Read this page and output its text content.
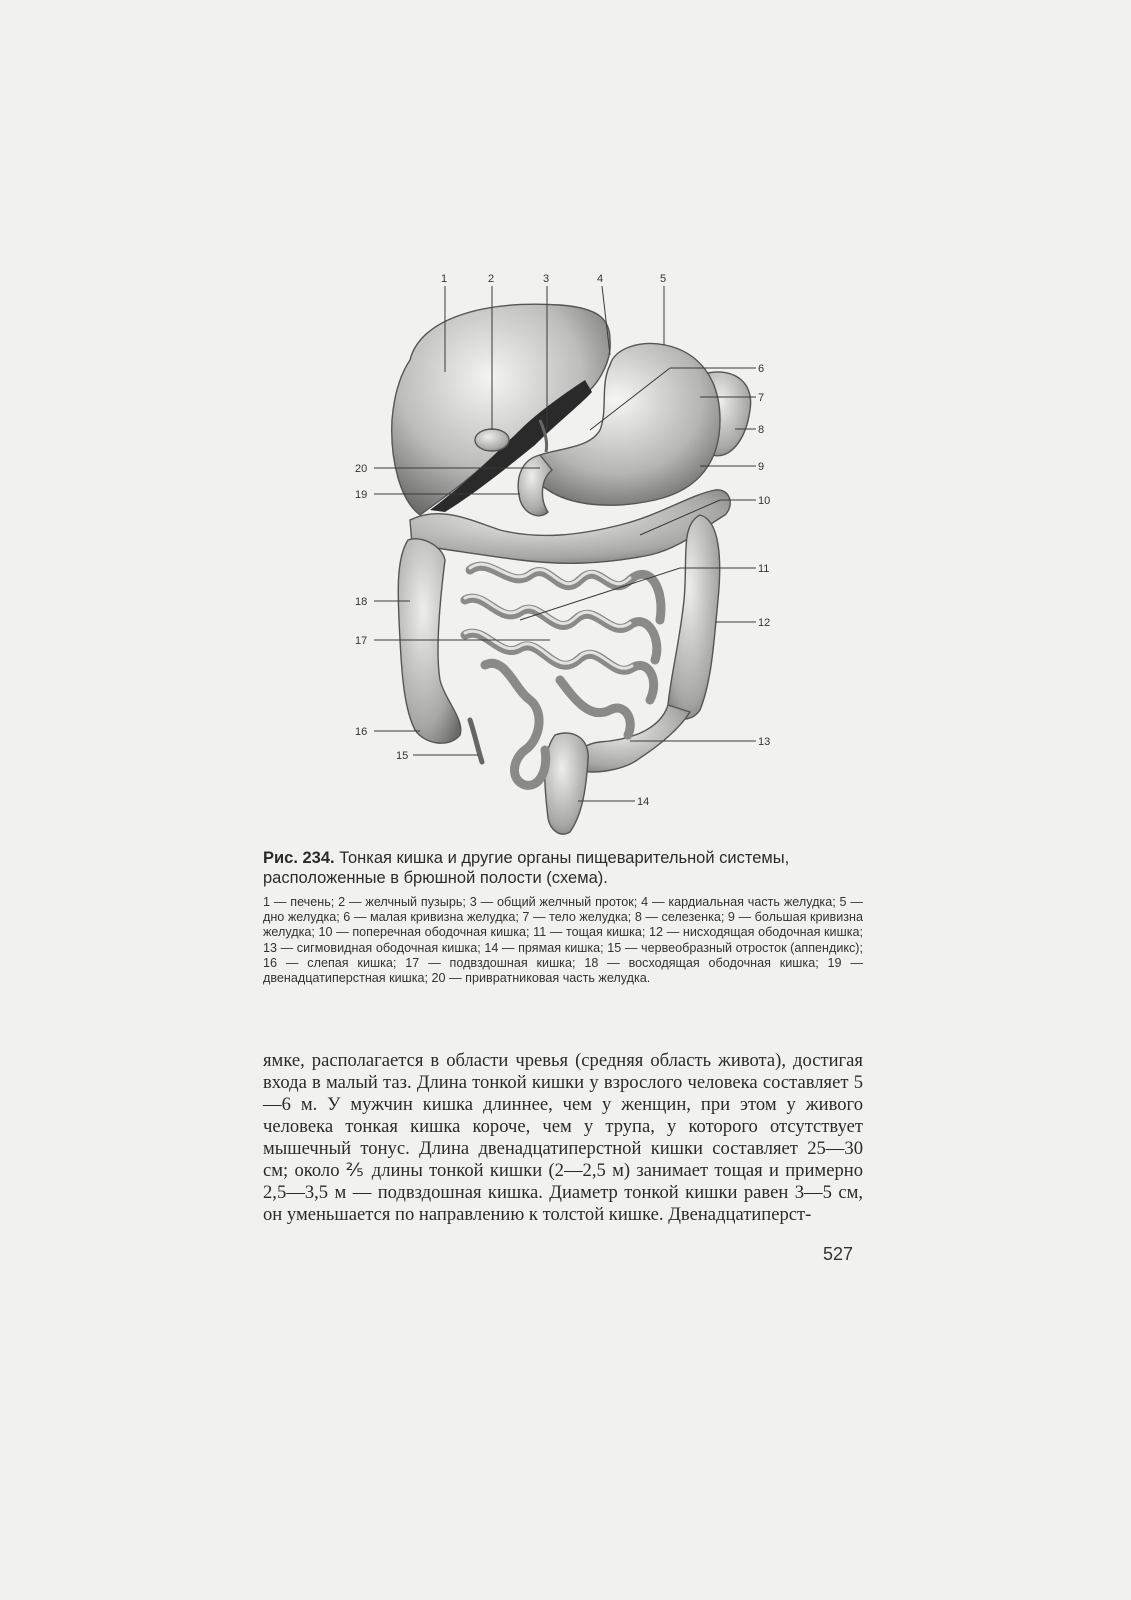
1	2	3	4	5
6
7
8
9
10
11
12
13
14
15
16
17
18
19
20
Рис. 234. Тонкая кишка и другие органы пищеварительной системы, расположенные в брюшной полости (схема).
1 — печень; 2 — желчный пузырь; 3 — общий желчный проток; 4 — кардиальная часть желудка; 5 — дно желудка; 6 — малая кривизна желудка; 7 — тело желудка; 8 — селезенка; 9 — большая кривизна желудка; 10 — поперечная ободочная кишка; 11 — тощая кишка; 12 — нисходящая ободочная кишка; 13 — сигмовидная ободочная кишка; 14 — прямая кишка; 15 — червеобразный отросток (аппендикс); 16 — слепая кишка; 17 — подвздошная кишка; 18 — восходящая ободочная кишка; 19 — двенадцатиперстная кишка; 20 — привратниковая часть желудка.
ямке, располагается в области чревья (средняя область живота), достигая входа в малый таз. Длина тонкой кишки у взрослого человека составляет 5—6 м. У мужчин кишка длиннее, чем у женщин, при этом у живого человека тонкая кишка короче, чем у трупа, у которого отсутствует мышечный тонус. Длина двенадцатиперстной кишки составляет 25—30 см; около ⅖ длины тонкой кишки (2—2,5 м) занимает тощая и примерно 2,5—3,5 м — подвздошная кишка. Диаметр тонкой кишки равен 3—5 см, он уменьшается по направлению к толстой кишке. Двенадцатиперст-
527
